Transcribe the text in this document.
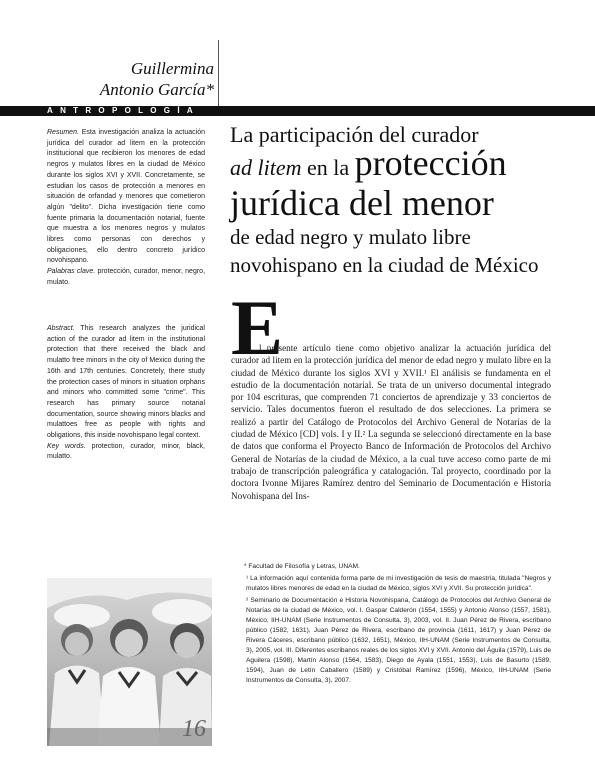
Guillermina
Antonio García*
ANTROPOLOGÍA
La participación del curador
ad litem en la protección
jurídica del menor
de edad negro y mulato libre
novohispano en la ciudad de México

Resumen. Esta investigación analiza la actuación jurídica del curador ad litem en la protección institucional que recibieron los menores de edad negros y mulatos libres en la ciudad de México durante los siglos XVI y XVII. Concretamente, se estudian los casos de protección a menores en situación de orfandad y menores que cometieron algún "delito". Dicha investigación tiene como fuente primaria la documentación notarial, fuente que muestra a los menores negros y mulatos libres como personas con derechos y obligaciones, ello dentro concreto jurídico novohispano.

Palabras clave. protección, curador, menor, negro, mulato.

Abstract. This research analyzes the juridical action of the curador ad litem in the institutional protection that there received the black and mulatto free minors in the city of Mexico during the 16th and 17th centuries. Concretely, there study the protection cases of minors in situation orphans and minors who committed some "crime". This research has primary source notarial documentation, source showing minors blacks and mulattoes free as people with rights and obligations, this inside novohispano legal context.

Key words. protection, curador, minor, black, mulatto.

16
E

l presente artículo tiene como objetivo analizar la actuación jurídica del curador ad litem en la protección jurídica del menor de edad negro y mulato libre en la ciudad de México durante los siglos XVI y XVII.¹ El análisis se fundamenta en el estudio de la documentación notarial. Se trata de un universo documental integrado por 104 escrituras, que comprenden 71 conciertos de aprendizaje y 33 conciertos de servicio. Tales documentos fueron el resultado de dos selecciones. La primera se realizó a partir del Catálogo de Protocolos del Archivo General de Notarías de la ciudad de México [CD] vols. I y II.² La segunda se seleccionó directamente en la base de datos que conforma el Proyecto Banco de Información de Protocolos del Archivo General de Notarías de la ciudad de México, a la cual tuve acceso como parte de mi trabajo de transcripción paleográfica y catalogación. Tal proyecto, coordinado por la doctora Ivonne Mijares Ramírez dentro del Seminario de Documentación e Historia Novohispana del Ins-

* Facultad de Filosofía y Letras, UNAM.

¹ La información aquí contenida forma parte de mi investigación de tesis de maestría, titulada "Negros y mulatos libres menores de edad en la ciudad de México, siglos XVI y XVII. Su protección jurídica".

² Seminario de Documentación e Historia Novohispana, Catálogo de Protocolos del Archivo General de Notarías de la ciudad de México, vol. I. Gaspar Calderón (1554, 1555) y Antonio Alonso (1557, 1581), México, IIH-UNAM (Serie Instrumentos de Consulta, 3), 2003, vol. II. Juan Pérez de Rivera, escribano público (1582, 1631), Juan Pérez de Rivera, escribano de provincia (1611, 1617) y Juan Pérez de Rivera Cáceres, escribano público (1632, 1651), México, IIH-UNAM (Serie Instrumentos de Consulta, 3), 2005, vol. III. Diferentes escribanos reales de los siglos XVI y XVII. Antonio del Águila (1579), Luis de Aguilera (1598), Martín Alonso (1564, 1583), Diego de Ayala (1551, 1553), Luis de Basurto (1589, 1594), Juan de Letín Caballero (1589) y Cristóbal Ramírez (1596), México, IIH-UNAM (Serie Instrumentos de Consulta, 3), 2007.
